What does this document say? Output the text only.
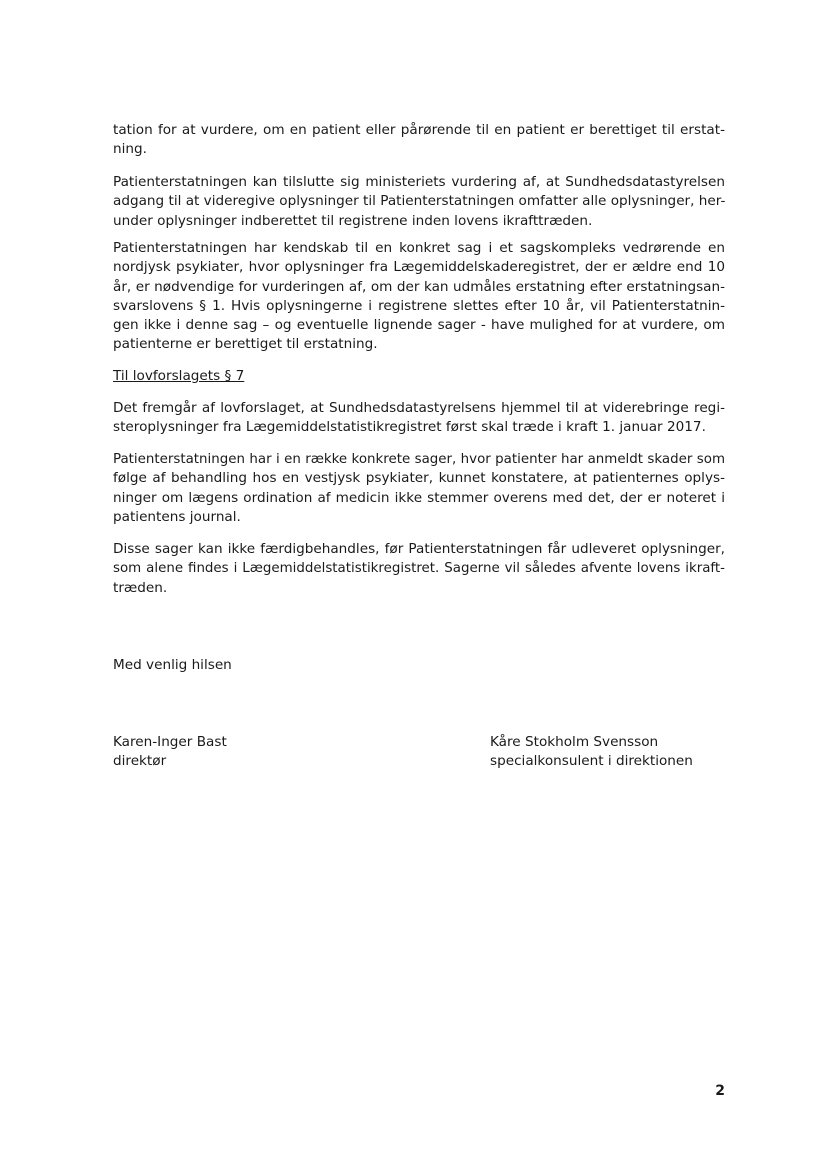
tation for at vurdere, om en patient eller pårørende til en patient er berettiget til erstat-
ning.

Patienterstatningen kan tilslutte sig ministeriets vurdering af, at Sundhedsdatastyrelsen
adgang til at videregive oplysninger til Patienterstatningen omfatter alle oplysninger, her-
under oplysninger indberettet til registrene inden lovens ikrafttræden.

Patienterstatningen har kendskab til en konkret sag i et sagskompleks vedrørende en
nordjysk psykiater, hvor oplysninger fra Lægemiddelskaderegistret, der er ældre end 10
år, er nødvendige for vurderingen af, om der kan udmåles erstatning efter erstatningsan-
svarslovens § 1. Hvis oplysningerne i registrene slettes efter 10 år, vil Patienterstatnin-
gen ikke i denne sag – og eventuelle lignende sager - have mulighed for at vurdere, om
patienterne er berettiget til erstatning.

Til lovforslagets § 7

Det fremgår af lovforslaget, at Sundhedsdatastyrelsens hjemmel til at viderebringe regi-
steroplysninger fra Lægemiddelstatistikregistret først skal træde i kraft 1. januar 2017.

Patienterstatningen har i en række konkrete sager, hvor patienter har anmeldt skader som
følge af behandling hos en vestjysk psykiater, kunnet konstatere, at patienternes oplys-
ninger om lægens ordination af medicin ikke stemmer overens med det, der er noteret i
patientens journal.

Disse sager kan ikke færdigbehandles, før Patienterstatningen får udleveret oplysninger,
som alene findes i Lægemiddelstatistikregistret. Sagerne vil således afvente lovens ikraft-
træden.

Med venlig hilsen
Karen-Inger Bast
direktør
Kåre Stokholm Svensson
specialkonsulent i direktionen
2
